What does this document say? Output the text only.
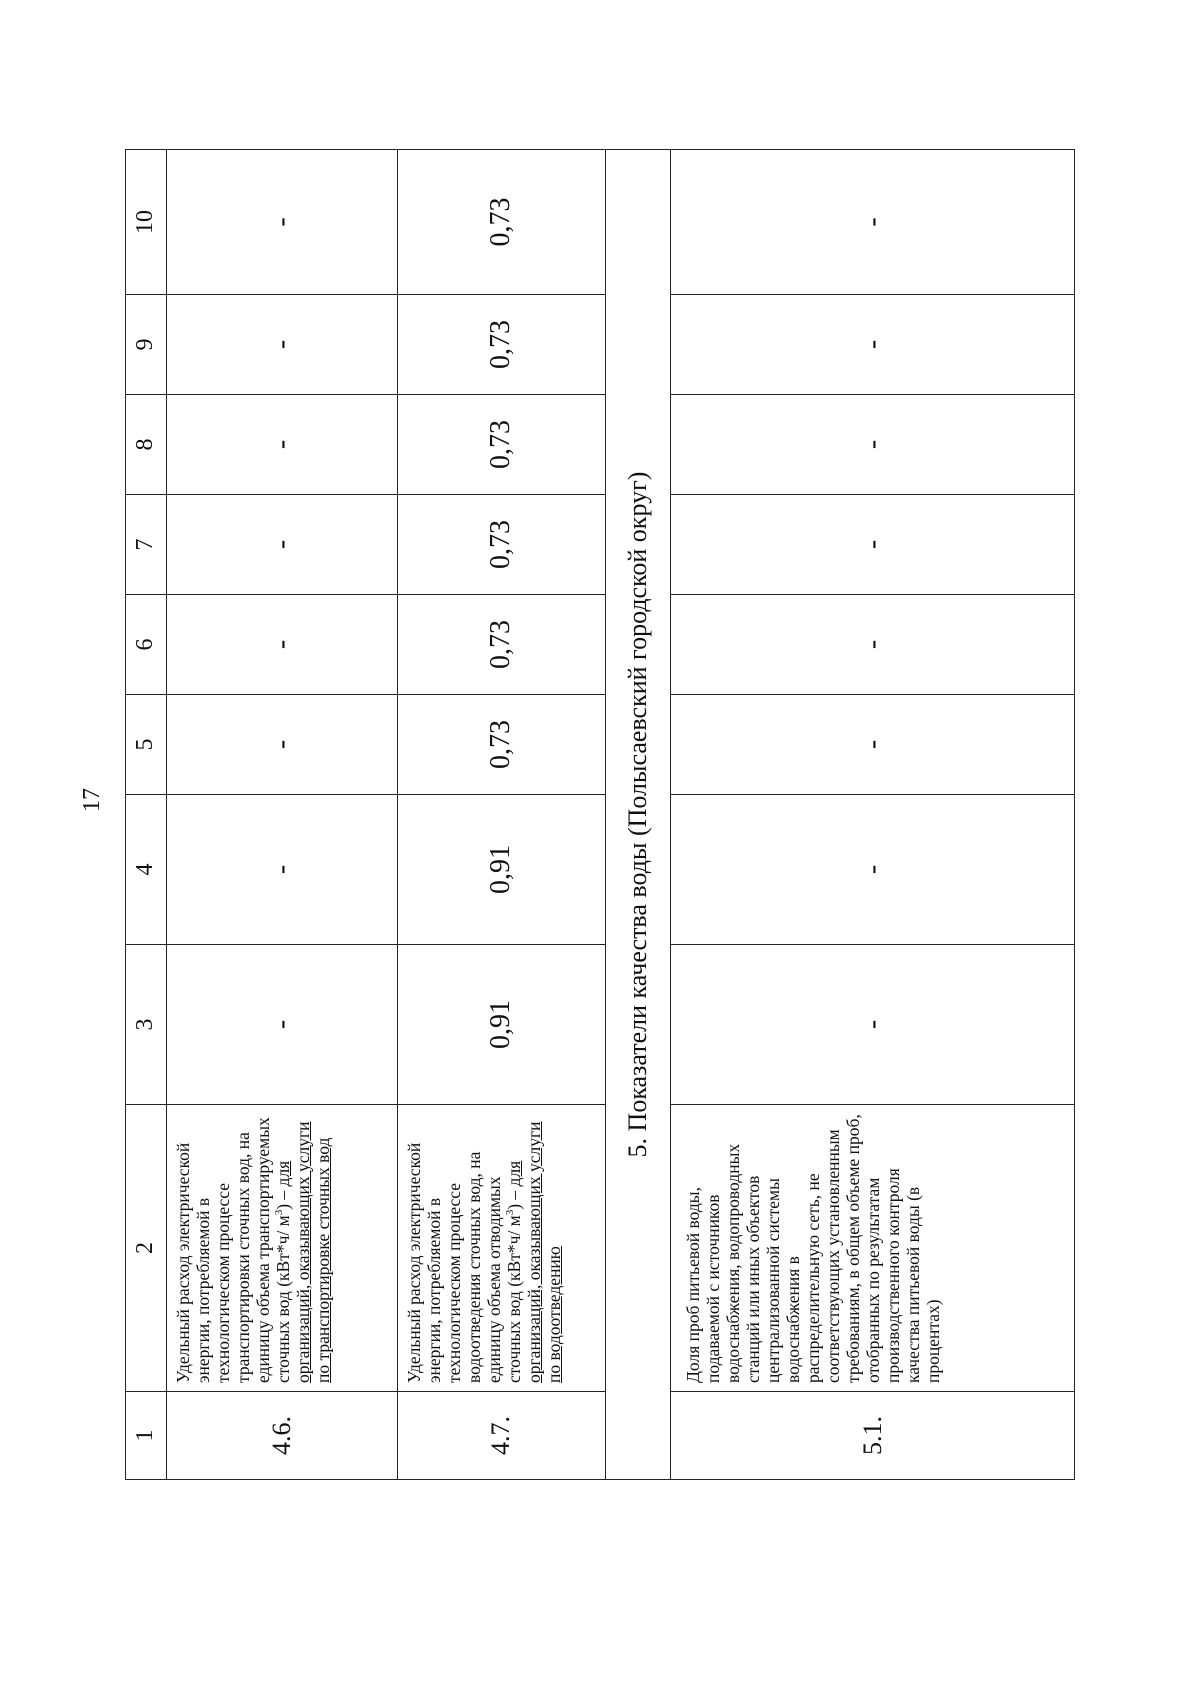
17
1	2	3	4	5	6	7	8	9	10
4.6.	Удельный расход электрической энергии, потребляемой в технологическом процессе транспортировки сточных вод, на единицу объема транспортируемых сточных вод (кВт*ч/ $м^3$) – для организаций, оказывающих услуги по транспортировке сточных вод	-	-	-	-	-	-	-	-
4.7.	Удельный расход электрической энергии, потребляемой в технологическом процессе водоотведения сточных вод, на единицу объема отводимых сточных вод (кВт*ч/ $м^3$) – для организаций, оказывающих услуги по водоотведению	0,91	0,91	0,73	0,73	0,73	0,73	0,73	0,73
5. Показатели качества воды (Полысаевский городской округ)									
5.1.	Доля проб питьевой воды, подаваемой с источников водоснабжения, водопроводных станций или иных объектов централизованной системы водоснабжения в распределительную сеть, не соответствующих установленным требованиям, в общем объеме проб, отобранных по результатам производственного контроля качества питьевой воды (в процентах)	-	-	-	-	-	-	-	-
